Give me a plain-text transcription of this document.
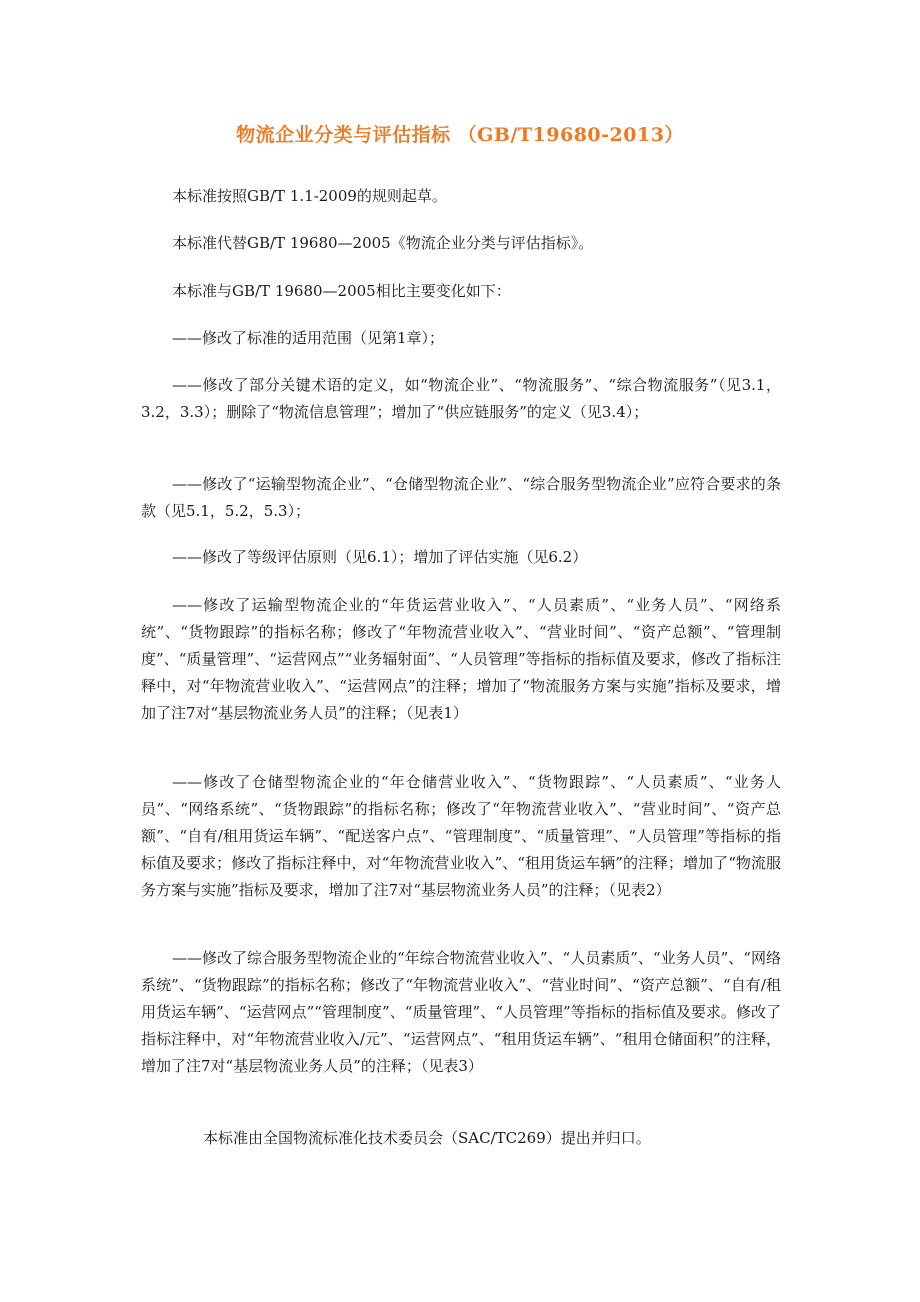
物流企业分类与评估指标 （GB/T19680-2013）

本标准按照GB/T 1.1-2009的规则起草。

本标准代替GB/T 19680—2005《物流企业分类与评估指标》。

本标准与GB/T 19680—2005相比主要变化如下：

——修改了标准的适用范围（见第1章）；

——修改了部分关键术语的定义，如“物流企业”、“物流服务”、“综合物流服务”（见3.1，3.2，3.3）；删除了“物流信息管理”；增加了“供应链服务”的定义（见3.4）；

——修改了“运输型物流企业”、“仓储型物流企业”、“综合服务型物流企业”应符合要求的条款（见5.1，5.2，5.3）；

——修改了等级评估原则（见6.1）；增加了评估实施（见6.2）

——修改了运输型物流企业的“年货运营业收入”、“人员素质”、“业务人员”、“网络系统”、“货物跟踪”的指标名称；修改了“年物流营业收入”、“营业时间”、“资产总额”、“管理制度”、“质量管理”、“运营网点”“业务辐射面”、“人员管理”等指标的指标值及要求，修改了指标注释中，对“年物流营业收入”、“运营网点”的注释；增加了“物流服务方案与实施”指标及要求，增加了注7对“基层物流业务人员”的注释；（见表1）

——修改了仓储型物流企业的“年仓储营业收入”、“货物跟踪”、“人员素质”、“业务人员”、“网络系统”、“货物跟踪”的指标名称；修改了“年物流营业收入”、“营业时间”、“资产总额”、“自有/租用货运车辆”、“配送客户点”、“管理制度”、“质量管理”、“人员管理”等指标的指标值及要求；修改了指标注释中，对“年物流营业收入”、“租用货运车辆”的注释；增加了“物流服务方案与实施”指标及要求，增加了注7对“基层物流业务人员”的注释；（见表2）

——修改了综合服务型物流企业的“年综合物流营业收入”、“人员素质”、“业务人员”、“网络系统”、“货物跟踪”的指标名称；修改了“年物流营业收入”、“营业时间”、“资产总额”、“自有/租用货运车辆”、“运营网点”“管理制度”、“质量管理”、“人员管理”等指标的指标值及要求。修改了指标注释中，对“年物流营业收入/元”、“运营网点”、“租用货运车辆”、“租用仓储面积”的注释，增加了注7对“基层物流业务人员”的注释；（见表3）

本标准由全国物流标准化技术委员会（SAC/TC269）提出并归口。
